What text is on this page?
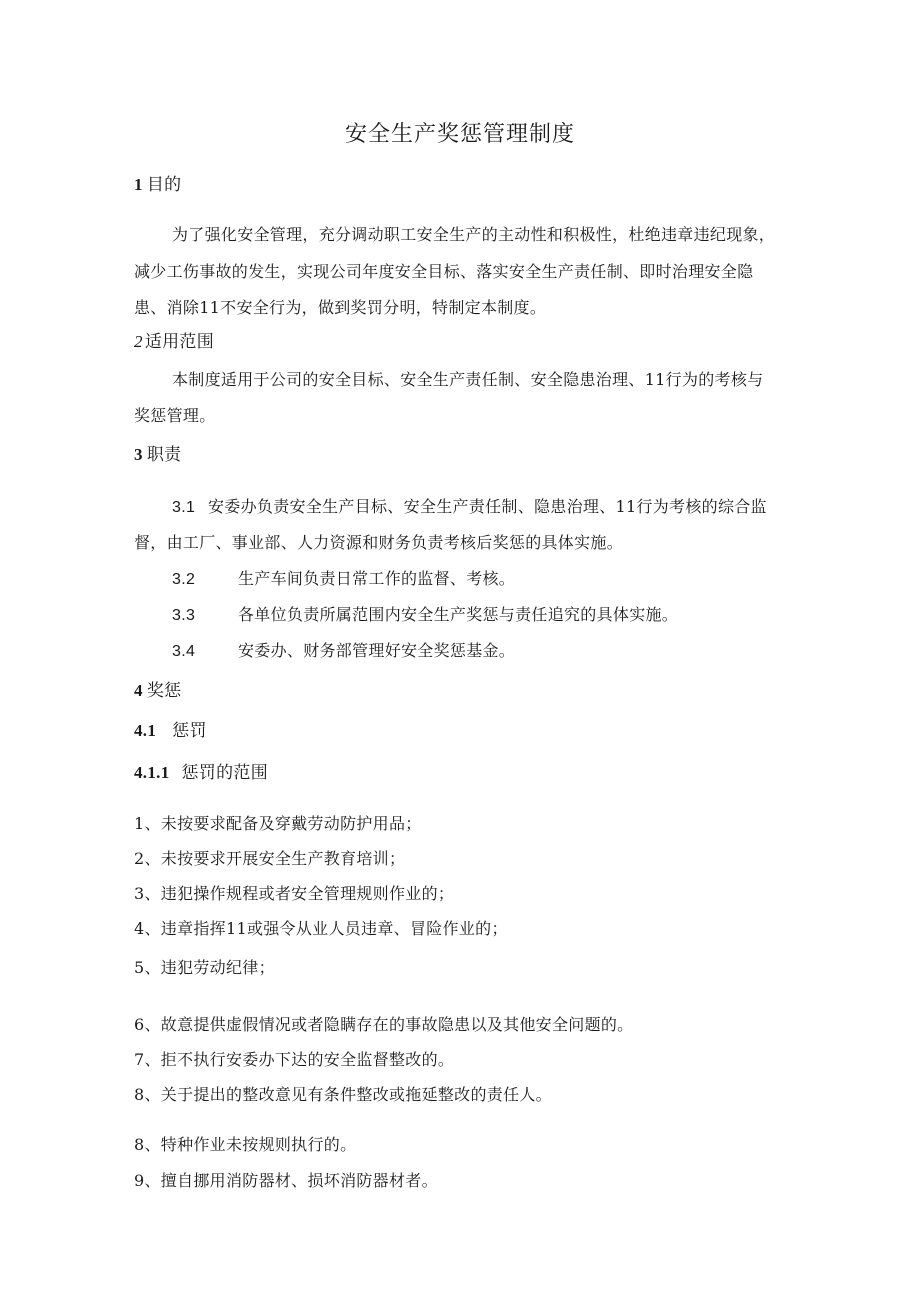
安全生产奖惩管理制度
1 目的
为了强化安全管理，充分调动职工安全生产的主动性和积极性，杜绝违章违纪现象，
减少工伤事故的发生，实现公司年度安全目标、落实安全生产责任制、即时治理安全隐
患、消除11不安全行为，做到奖罚分明，特制定本制度。
2 适用范围
本制度适用于公司的安全目标、安全生产责任制、安全隐患治理、11行为的考核与
奖惩管理。
3 职责
3.1 安委办负责安全生产目标、安全生产责任制、隐患治理、11行为考核的综合监
督，由工厂、事业部、人力资源和财务负责考核后奖惩的具体实施。
3.2	生产车间负责日常工作的监督、考核。
3.3	各单位负责所属范围内安全生产奖惩与责任追究的具体实施。
3.4	安委办、财务部管理好安全奖惩基金。
4 奖惩
4.1 惩罚
4.1.1 惩罚的范围
1、未按要求配备及穿戴劳动防护用品；
2、未按要求开展安全生产教育培训；
3、违犯操作规程或者安全管理规则作业的；
4、违章指挥11或强令从业人员违章、冒险作业的；
5、违犯劳动纪律；
6、故意提供虚假情况或者隐瞒存在的事故隐患以及其他安全问题的。
7、拒不执行安委办下达的安全监督整改的。
8、关于提出的整改意见有条件整改或拖延整改的责任人。
8、特种作业未按规则执行的。
9、擅自挪用消防器材、损坏消防器材者。
